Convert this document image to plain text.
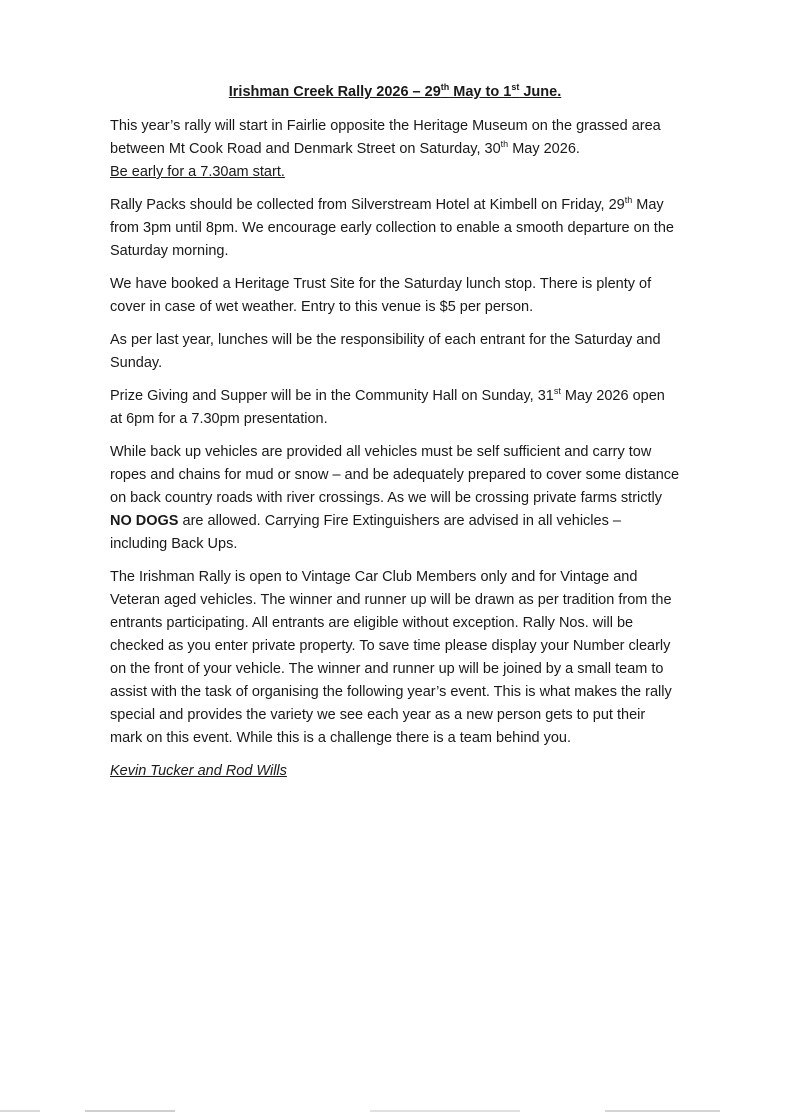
Irishman Creek Rally 2026 – 29th May to 1st June.

This year’s rally will start in Fairlie opposite the Heritage Museum on the grassed area between Mt Cook Road and Denmark Street on Saturday, 30th May 2026.
Be early for a 7.30am start.

Rally Packs should be collected from Silverstream Hotel at Kimbell on Friday, 29th May from 3pm until 8pm. We encourage early collection to enable a smooth departure on the Saturday morning.

We have booked a Heritage Trust Site for the Saturday lunch stop. There is plenty of cover in case of wet weather. Entry to this venue is $5 per person.

As per last year, lunches will be the responsibility of each entrant for the Saturday and Sunday.

Prize Giving and Supper will be in the Community Hall on Sunday, 31st May 2026 open at 6pm for a 7.30pm presentation.

While back up vehicles are provided all vehicles must be self sufficient and carry tow ropes and chains for mud or snow – and be adequately prepared to cover some distance on back country roads with river crossings. As we will be crossing private farms strictly NO DOGS are allowed. Carrying Fire Extinguishers are advised in all vehicles – including Back Ups.

The Irishman Rally is open to Vintage Car Club Members only and for Vintage and Veteran aged vehicles. The winner and runner up will be drawn as per tradition from the entrants participating. All entrants are eligible without exception. Rally Nos. will be checked as you enter private property. To save time please display your Number clearly on the front of your vehicle. The winner and runner up will be joined by a small team to assist with the task of organising the following year’s event. This is what makes the rally special and provides the variety we see each year as a new person gets to put their mark on this event. While this is a challenge there is a team behind you.

Kevin Tucker and Rod Wills
